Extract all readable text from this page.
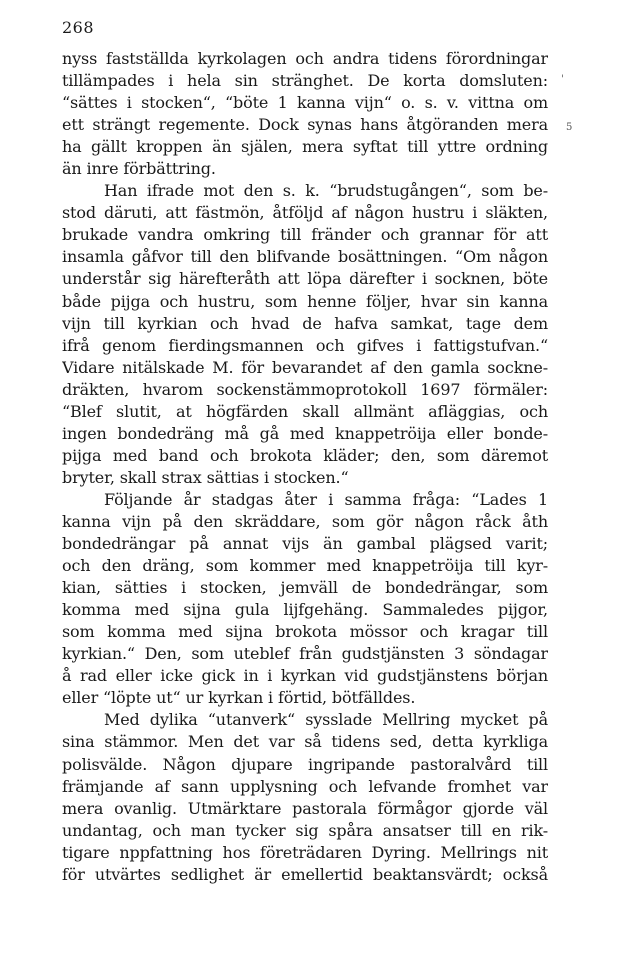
268
'
5
nyss fastställda kyrkolagen och andra tidens förordningar
tillämpades i hela sin stränghet. De korta domsluten:
“sättes i stocken“, “böte 1 kanna vijn“ o. s. v. vittna om
ett strängt regemente. Dock synas hans åtgöranden mera
ha gällt kroppen än själen, mera syftat till yttre ordning
än inre förbättring.
Han ifrade mot den s. k. “brudstugången“, som be-
stod däruti, att fästmön, åtföljd af någon hustru i släkten,
brukade vandra omkring till fränder och grannar för att
insamla gåfvor till den blifvande bosättningen. “Om någon
understår sig härefteråth att löpa därefter i socknen, böte
både pijga och hustru, som henne följer, hvar sin kanna
vijn till kyrkian och hvad de hafva samkat, tage dem
ifrå genom fierdingsmannen och gifves i fattigstufvan.“
Vidare nitälskade M. för bevarandet af den gamla sockne-
dräkten, hvarom sockenstämmoprotokoll 1697 förmäler:
“Blef slutit, at högfärden skall allmänt afläggias, och
ingen bondedräng må gå med knappetröija eller bonde-
pijga med band och brokota kläder; den, som däremot
bryter, skall strax sättias i stocken.“
Följande år stadgas åter i samma fråga: “Lades 1
kanna vijn på den skräddare, som gör någon råck åth
bondedrängar på annat vijs än gambal plägsed varit;
och den dräng, som kommer med knappetröija till kyr-
kian, sätties i stocken, jemväll de bondedrängar, som
komma med sijna gula lijfgehäng. Sammaledes pijgor,
som komma med sijna brokota mössor och kragar till
kyrkian.“ Den, som uteblef från gudstjänsten 3 söndagar
å rad eller icke gick in i kyrkan vid gudstjänstens början
eller “löpte ut“ ur kyrkan i förtid, bötfälldes.
Med dylika “utanverk“ sysslade Mellring mycket på
sina stämmor. Men det var så tidens sed, detta kyrkliga
polisvälde. Någon djupare ingripande pastoralvård till
främjande af sann upplysning och lefvande fromhet var
mera ovanlig. Utmärktare pastorala förmågor gjorde väl
undantag, och man tycker sig spåra ansatser till en rik-
tigare nppfattning hos företrädaren Dyring. Mellrings nit
för utvärtes sedlighet är emellertid beaktansvärdt; också
